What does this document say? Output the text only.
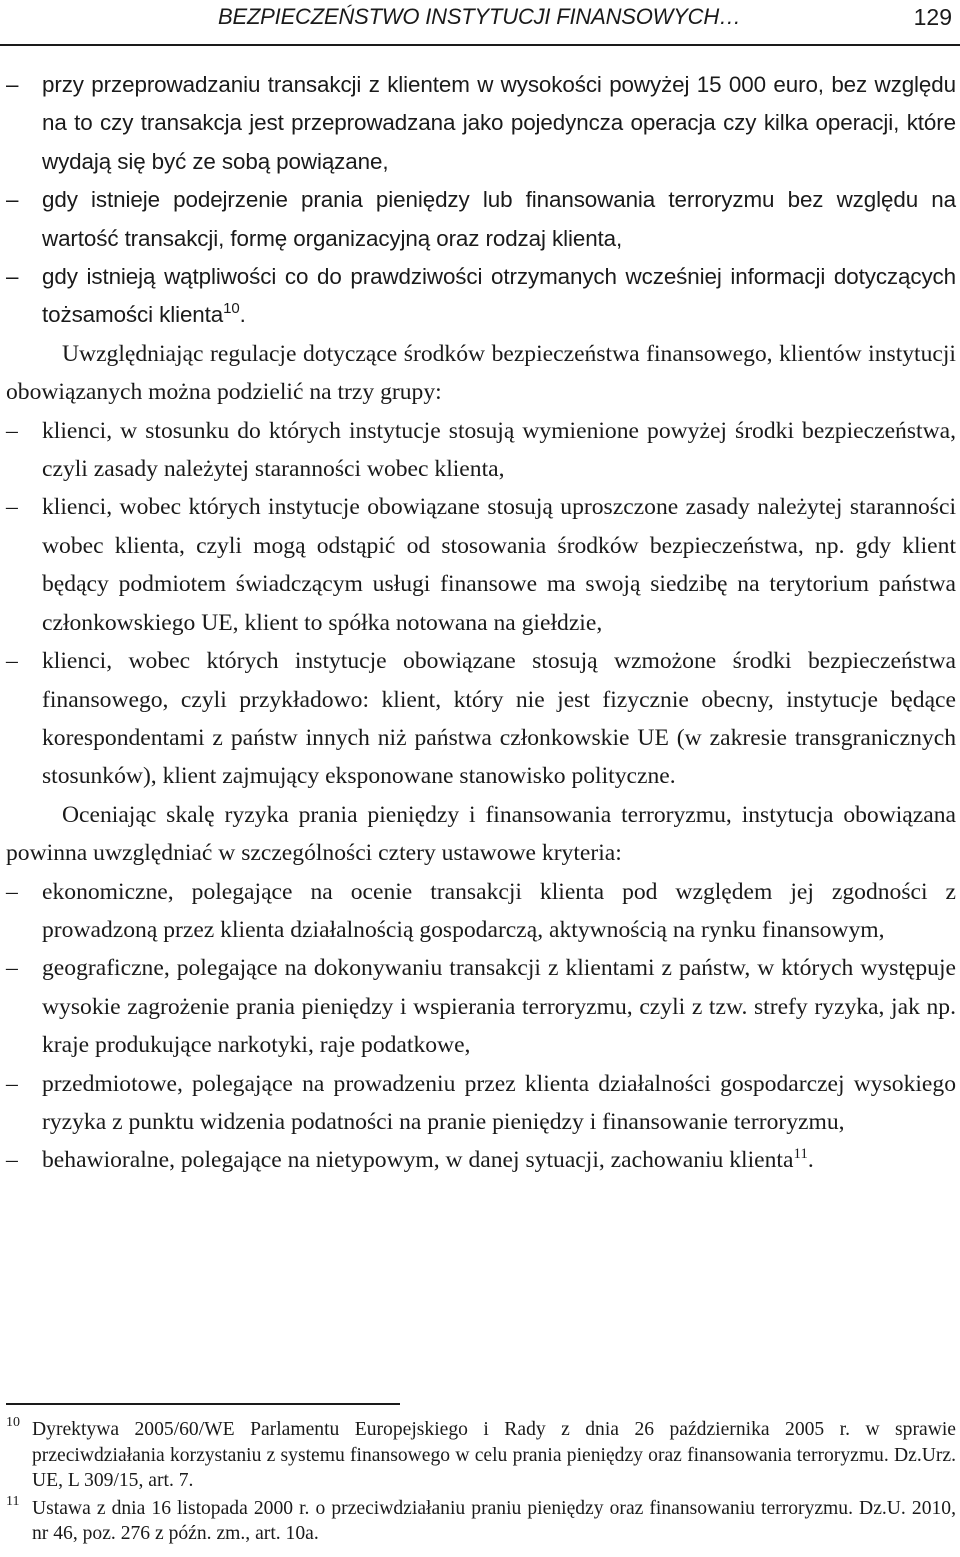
BEZPIECZEŃSTWO INSTYTUCJI FINANSOWYCH…	129

–	przy przeprowadzaniu transakcji z klientem w wysokości powyżej 15 000 euro, bez względu na to czy transakcja jest przeprowadzana jako pojedyncza operacja czy kilka operacji, które wydają się być ze sobą powiązane,

–	gdy istnieje podejrzenie prania pieniędzy lub finansowania terroryzmu bez względu na wartość transakcji, formę organizacyjną oraz rodzaj klienta,

–	gdy istnieją wątpliwości co do prawdziwości otrzymanych wcześniej informacji dotyczących tożsamości klienta$^{10}$.

Uwzględniając regulacje dotyczące środków bezpieczeństwa finansowego, klientów instytucji obowiązanych można podzielić na trzy grupy:

–	klienci, w stosunku do których instytucje stosują wymienione powyżej środki bezpieczeństwa, czyli zasady należytej staranności wobec klienta,

–	klienci, wobec których instytucje obowiązane stosują uproszczone zasady należytej staranności wobec klienta, czyli mogą odstąpić od stosowania środków bezpieczeństwa, np. gdy klient będący podmiotem świadczącym usługi finansowe ma swoją siedzibę na terytorium państwa członkowskiego UE, klient to spółka notowana na giełdzie,

–	klienci, wobec których instytucje obowiązane stosują wzmożone środki bezpieczeństwa finansowego, czyli przykładowo: klient, który nie jest fizycznie obecny, instytucje będące korespondentami z państw innych niż państwa członkowskie UE (w zakresie transgranicznych stosunków), klient zajmujący eksponowane stanowisko polityczne.

Oceniając skalę ryzyka prania pieniędzy i finansowania terroryzmu, instytucja obowiązana powinna uwzględniać w szczególności cztery ustawowe kryteria:

–	ekonomiczne, polegające na ocenie transakcji klienta pod względem jej zgodności z prowadzoną przez klienta działalnością gospodarczą, aktywnością na rynku finansowym,

–	geograficzne, polegające na dokonywaniu transakcji z klientami z państw, w których występuje wysokie zagrożenie prania pieniędzy i wspierania terroryzmu, czyli z tzw. strefy ryzyka, jak np. kraje produkujące narkotyki, raje podatkowe,

–	przedmiotowe, polegające na prowadzeniu przez klienta działalności gospodarczej wysokiego ryzyka z punktu widzenia podatności na pranie pieniędzy i finansowanie terroryzmu,

–	behawioralne, polegające na nietypowym, w danej sytuacji, zachowaniu klienta$^{11}$.

10 Dyrektywa 2005/60/WE Parlamentu Europejskiego i Rady z dnia 26 października 2005 r. w sprawie przeciwdziałania korzystaniu z systemu finansowego w celu prania pieniędzy oraz finansowania terroryzmu. Dz.Urz. UE, L 309/15, art. 7.

11 Ustawa z dnia 16 listopada 2000 r. o przeciwdziałaniu praniu pieniędzy oraz finansowaniu terroryzmu. Dz.U. 2010, nr 46, poz. 276 z późn. zm., art. 10a.
